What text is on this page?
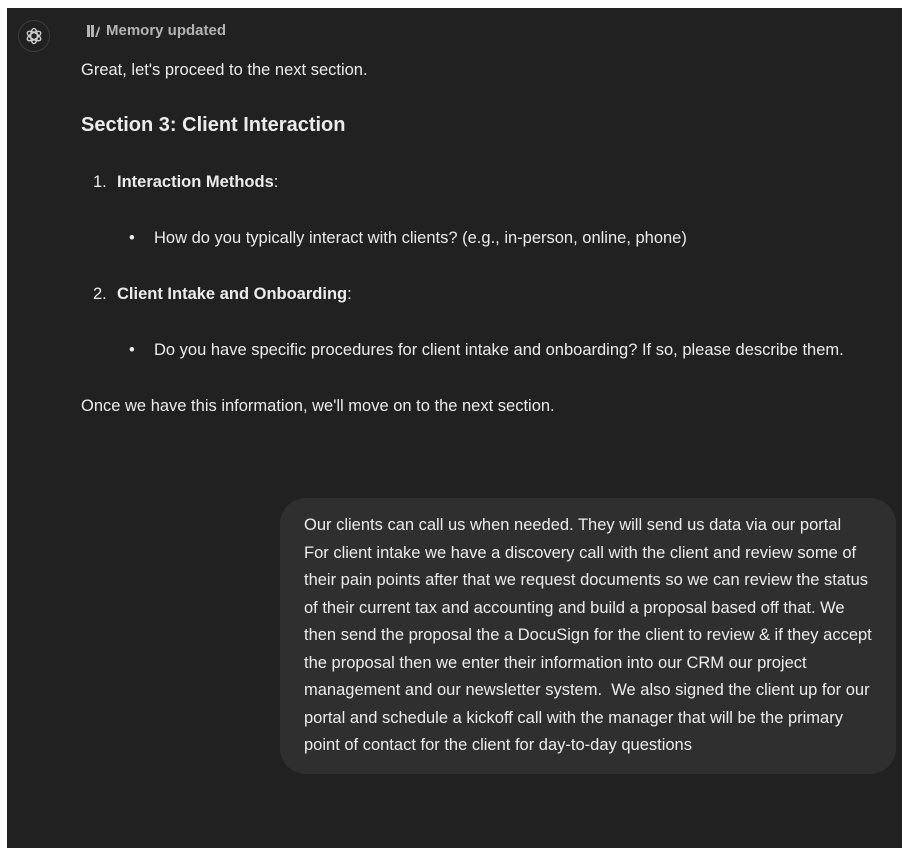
Memory updated

Great, let's proceed to the next section.

Section 3: Client Interaction
1. Interaction Methods:
•	How do you typically interact with clients? (e.g., in-person, online, phone)
2. Client Intake and Onboarding:
•	Do you have specific procedures for client intake and onboarding? If so, please describe them.

Once we have this information, we'll move on to the next section.

Our clients can call us when needed. They will send us data via our portal
For client intake we have a discovery call with the client and review some of their pain points after that we request documents so we can review the status of their current tax and accounting and build a proposal based off that. We then send the proposal the a DocuSign for the client to review & if they accept the proposal then we enter their information into our CRM our project management and our newsletter system.  We also signed the client up for our portal and schedule a kickoff call with the manager that will be the primary point of contact for the client for day-to-day questions
